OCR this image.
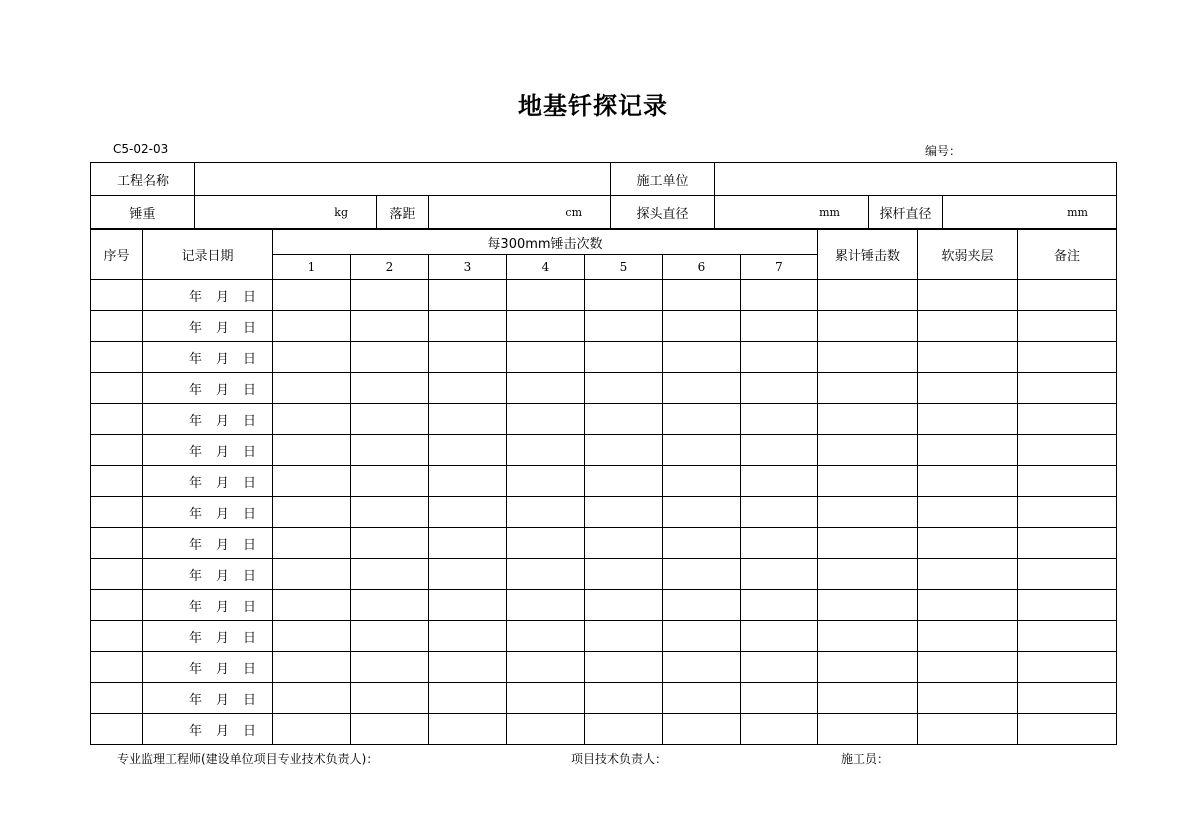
地基钎探记录
C5-02-03	编号：
工程名称				施工单位			
锤重	kg	落距	cm	探头直径	mm	探杆直径	mm
序号	记录日期	每300mm锤击次数							累计锤击数	软弱夹层	备注
		1	2	3	4	5	6	7			
	年 月 日										
	年 月 日										
	年 月 日										
	年 月 日										
	年 月 日										
	年 月 日										
	年 月 日										
	年 月 日										
	年 月 日										
	年 月 日										
	年 月 日										
	年 月 日										
	年 月 日										
	年 月 日										
	年 月 日										
专业监理工程师(建设单位项目专业技术负责人)：	项目技术负责人：	施工员：
